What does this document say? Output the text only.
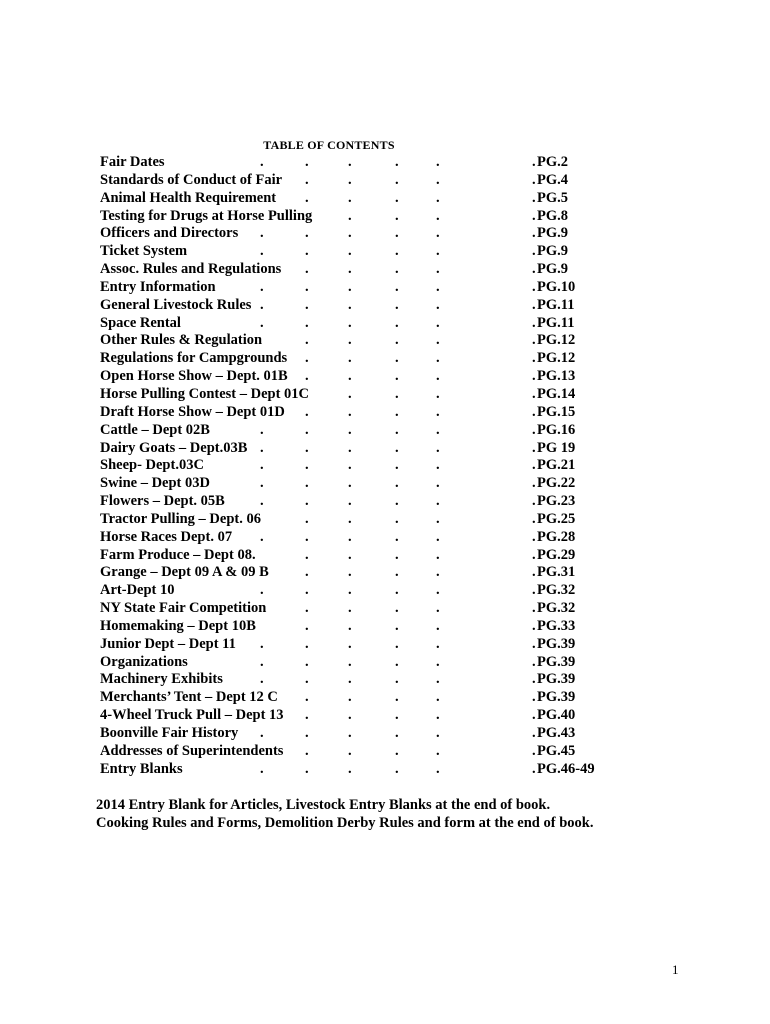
TABLE OF CONTENTS
Fair Dates	PG.2
.	.	.	.	.	.
Standards of Conduct of Fair	PG.4
.	.	.	.	.
Animal Health Requirement	PG.5
.	.	.	.	.
Testing for Drugs at Horse Pulling	PG.8
.	.	.	.
Officers and Directors	PG.9
.	.	.	.	.	.
Ticket System	PG.9
.	.	.	.	.	.
Assoc. Rules and Regulations	PG.9
.	.	.	.	.
Entry Information	PG.10
.	.	.	.	.	.
General Livestock Rules	PG.11
.	.	.	.	.	.
Space Rental	PG.11
.	.	.	.	.	.
Other Rules & Regulation	PG.12
.	.	.	.	.
Regulations for Campgrounds	PG.12
.	.	.	.	.
Open Horse Show – Dept. 01B	PG.13
.	.	.	.	.
Horse Pulling Contest – Dept 01C	PG.14
.	.	.	.
Draft Horse Show – Dept 01D	PG.15
.	.	.	.	.
Cattle – Dept 02B	PG.16
.	.	.	.	.	.
Dairy Goats – Dept.03B	PG 19
.	.	.	.	.	.
Sheep- Dept.03C	PG.21
.	.	.	.	.	.
Swine – Dept 03D	PG.22
.	.	.	.	.	.
Flowers – Dept. 05B	PG.23
.	.	.	.	.	.
Tractor Pulling – Dept. 06	PG.25
.	.	.	.	.
Horse Races Dept. 07	PG.28
.	.	.	.	.	.
Farm Produce – Dept 08.	PG.29
.	.	.	.	.
Grange – Dept 09 A & 09 B	PG.31
.	.	.	.	.
Art-Dept 10	PG.32
.	.	.	.	.	.
NY State Fair Competition	PG.32
.	.	.	.	.
Homemaking – Dept 10B	PG.33
.	.	.	.	.
Junior Dept – Dept 11	PG.39
.	.	.	.	.	.
Organizations	PG.39
.	.	.	.	.	.
Machinery Exhibits	PG.39
.	.	.	.	.	.
Merchants’ Tent – Dept 12 C	PG.39
.	.	.	.	.
4-Wheel Truck Pull – Dept 13	PG.40
.	.	.	.	.
Boonville Fair History	PG.43
.	.	.	.	.	.
Addresses of Superintendents	PG.45
.	.	.	.	.
Entry Blanks	PG.46-49
.	.	.	.	.	.
2014 Entry Blank for Articles, Livestock Entry Blanks at the end of book.
Cooking Rules and Forms, Demolition Derby Rules and form at the end of book.
1
